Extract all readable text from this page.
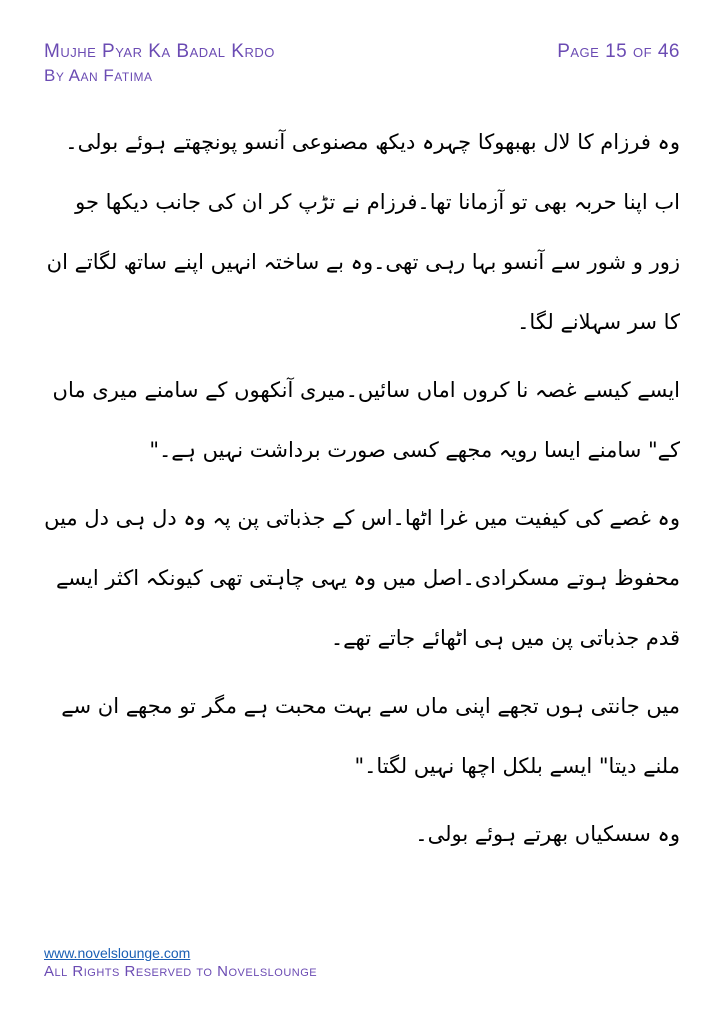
Mujhe Pyar Ka Badal Krdo
By Aan Fatima
Page 15 of 46

وہ فرزام کا لال بھبھوکا چہرہ دیکھ مصنوعی آنسو پونچھتے ہوئے بولی۔اب اپنا حربہ بھی تو آزمانا تھا۔فرزام نے تڑپ کر ان کی جانب دیکھا جو زور و شور سے آنسو بہا رہی تھی۔وہ بے ساختہ انہیں اپنے ساتھ لگاتے ان کا سر سہلانے لگا۔

ایسے کیسے غصہ نا کروں اماں سائیں۔میری آنکھوں کے سامنے میری ماں کے" سامنے ایسا رویہ مجھے کسی صورت برداشت نہیں ہے۔"

وہ غصے کی کیفیت میں غرا اٹھا۔اس کے جذباتی پن پہ وہ دل ہی دل میں محفوظ ہوتے مسکرادی۔اصل میں وہ یہی چاہتی تھی کیونکہ اکثر ایسے قدم جذباتی پن میں ہی اٹھائے جاتے تھے۔

میں جانتی ہوں تجھے اپنی ماں سے بہت محبت ہے مگر تو مجھے ان سے ملنے دیتا" ایسے بلکل اچھا نہیں لگتا۔"

وہ سسکیاں بھرتے ہوئے بولی۔

www.novelslounge.com
All Rights Reserved to Novelslounge
